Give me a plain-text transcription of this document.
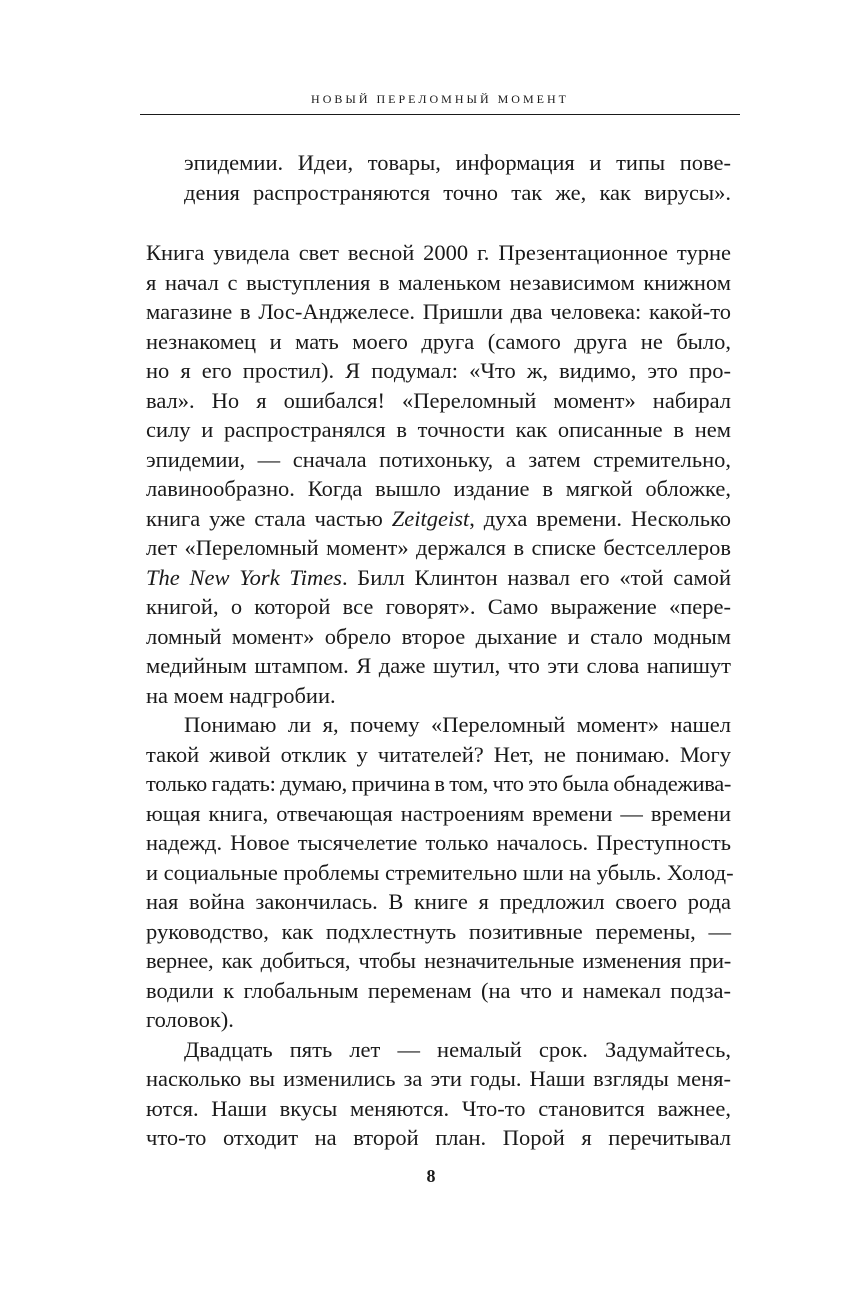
НОВЫЙ ПЕРЕЛОМНЫЙ МОМЕНТ
эпидемии. Идеи, товары, информация и типы пове-
дения распространяются точно так же, как вирусы».
Книга увидела свет весной 2000 г. Презентационное турне
я начал с выступления в маленьком независимом книжном
магазине в Лос-Анджелесе. Пришли два человека: какой-то
незнакомец и мать моего друга (самого друга не было,
но я его простил). Я подумал: «Что ж, видимо, это про-
вал». Но я ошибался! «Переломный момент» набирал
силу и распространялся в точности как описанные в нем
эпидемии, — сначала потихоньку, а затем стремительно,
лавинообразно. Когда вышло издание в мягкой обложке,
книга уже стала частью Zeitgeist, духа времени. Несколько
лет «Переломный момент» держался в списке бестселлеров
The New York Times. Билл Клинтон назвал его «той самой
книгой, о которой все говорят». Само выражение «пере-
ломный момент» обрело второе дыхание и стало модным
медийным штампом. Я даже шутил, что эти слова напишут
на моем надгробии.
Понимаю ли я, почему «Переломный момент» нашел
такой живой отклик у читателей? Нет, не понимаю. Могу
только гадать: думаю, причина в том, что это была обнадежива-
ющая книга, отвечающая настроениям времени — времени
надежд. Новое тысячелетие только началось. Преступность
и социальные проблемы стремительно шли на убыль. Холод-
ная война закончилась. В книге я предложил своего рода
руководство, как подхлестнуть позитивные перемены, —
вернее, как добиться, чтобы незначительные изменения при-
водили к глобальным переменам (на что и намекал подза-
головок).
Двадцать пять лет — немалый срок. Задумайтесь,
насколько вы изменились за эти годы. Наши взгляды меня-
ются. Наши вкусы меняются. Что-то становится важнее,
что-то отходит на второй план. Порой я перечитывал
8
